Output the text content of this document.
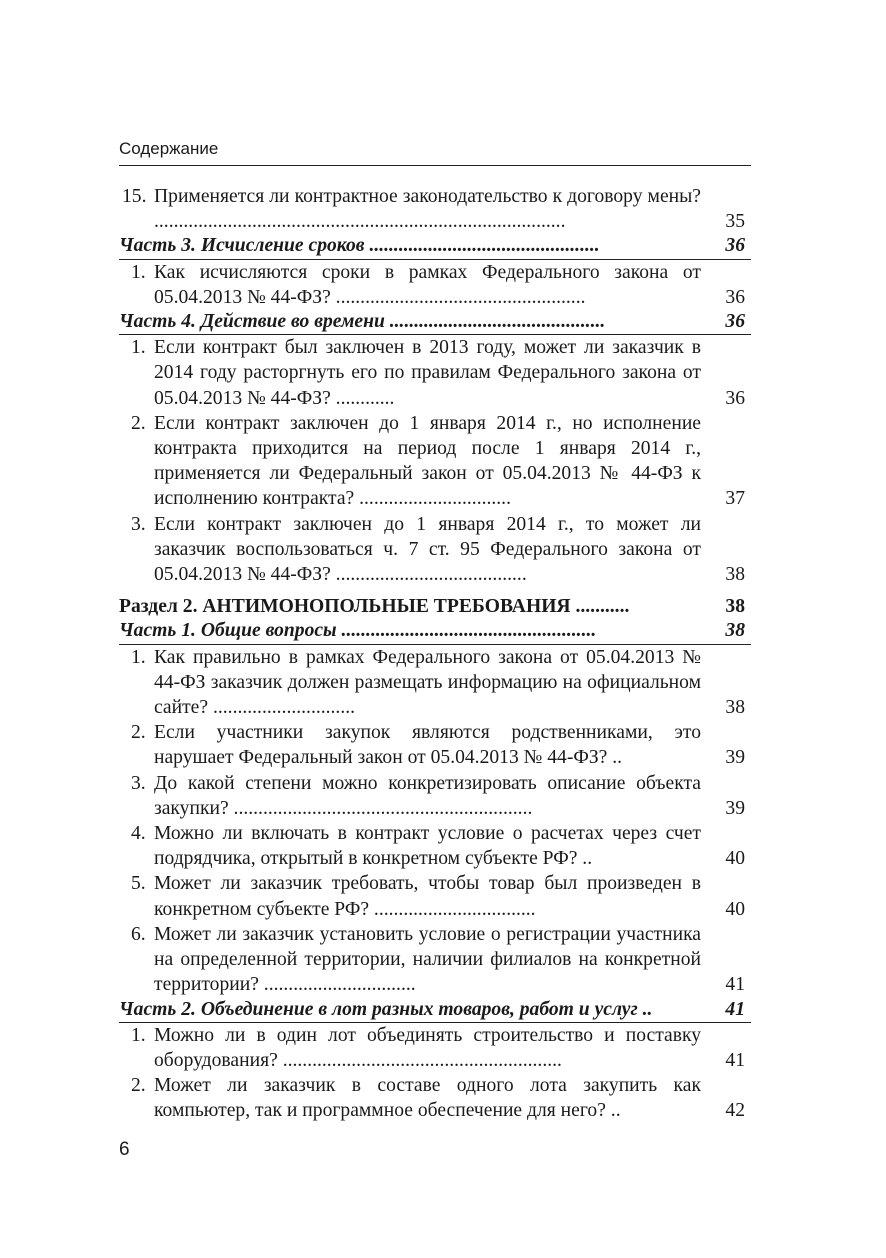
Содержание
15. Применяется ли контрактное законодательство к договору мены? ....................................................................................	35
Часть 3. Исчисление сроков ...............................................	36
1. Как исчисляются сроки в рамках Федерального закона от 05.04.2013 № 44-ФЗ? ...................................................	36
Часть 4. Действие во времени ............................................	36
1. Если контракт был заключен в 2013 году, может ли заказчик в 2014 году расторгнуть его по правилам Федерального закона от 05.04.2013 № 44-ФЗ? ............	36
2. Если контракт заключен до 1 января 2014 г., но исполнение контракта приходится на период после 1 января 2014 г., применяется ли Федеральный закон от 05.04.2013 № 44-ФЗ к исполнению контракта? ...............................	37
3. Если контракт заключен до 1 января 2014 г., то может ли заказчик воспользоваться ч. 7 ст. 95 Федерального закона от 05.04.2013 № 44-ФЗ? .......................................	38
Раздел 2. АНТИМОНОПОЛЬНЫЕ ТРЕБОВАНИЯ ...........	38
Часть 1. Общие вопросы ....................................................	38
1. Как правильно в рамках Федерального закона от 05.04.2013 № 44-ФЗ заказчик должен размещать информацию на официальном сайте? .............................	38
2. Если участники закупок являются родственниками, это нарушает Федеральный закон от 05.04.2013 № 44-ФЗ? ..	39
3. До какой степени можно конкретизировать описание объекта закупки? .............................................................	39
4. Можно ли включать в контракт условие о расчетах через счет подрядчика, открытый в конкретном субъекте РФ? ..	40
5. Может ли заказчик требовать, чтобы товар был произведен в конкретном субъекте РФ? .................................	40
6. Может ли заказчик установить условие о регистрации участника на определенной территории, наличии филиалов на конкретной территории? ...............................	41
Часть 2. Объединение в лот разных товаров, работ и услуг ..	41
1. Можно ли в один лот объединять строительство и поставку оборудования? .........................................................	41
2. Может ли заказчик в составе одного лота закупить как компьютер, так и программное обеспечение для него? ..	42
6
